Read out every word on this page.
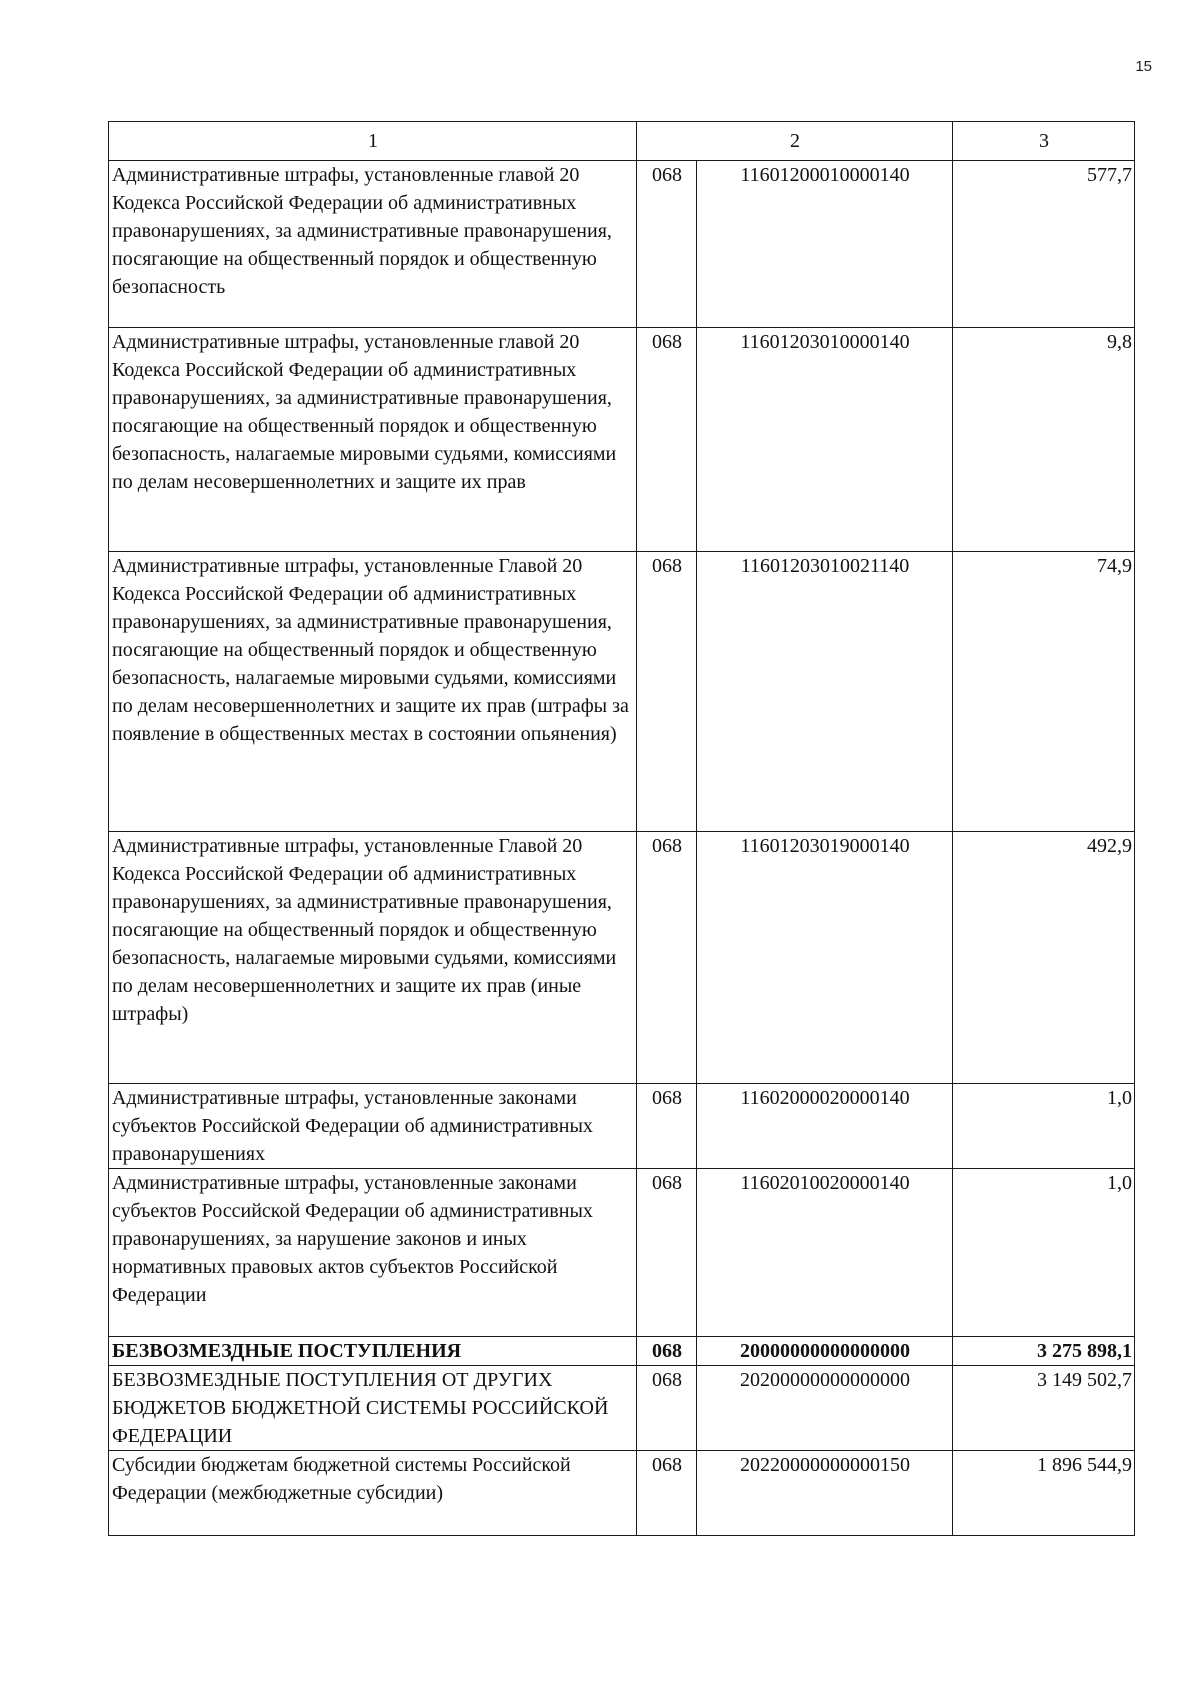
15
1	2		3
Административные штрафы, установленные главой 20 Кодекса Российской Федерации об административных правонарушениях, за административные правонарушения, посягающие на общественный порядок и общественную безопасность	068	11601200010000140	577,7
Административные штрафы, установленные главой 20 Кодекса Российской Федерации об административных правонарушениях, за административные правонарушения, посягающие на общественный порядок и общественную безопасность, налагаемые мировыми судьями, комиссиями по делам несовершеннолетних и защите их прав	068	11601203010000140	9,8
Административные штрафы, установленные Главой 20 Кодекса Российской Федерации об административных правонарушениях, за административные правонарушения, посягающие на общественный порядок и общественную безопасность, налагаемые мировыми судьями, комиссиями по делам несовершеннолетних и защите их прав (штрафы за появление в общественных местах в состоянии опьянения)	068	11601203010021140	74,9
Административные штрафы, установленные Главой 20 Кодекса Российской Федерации об административных правонарушениях, за административные правонарушения, посягающие на общественный порядок и общественную безопасность, налагаемые мировыми судьями, комиссиями по делам несовершеннолетних и защите их прав (иные штрафы)	068	11601203019000140	492,9
Административные штрафы, установленные законами субъектов Российской Федерации об административных правонарушениях	068	11602000020000140	1,0
Административные штрафы, установленные законами субъектов Российской Федерации об административных правонарушениях, за нарушение законов и иных нормативных правовых актов субъектов Российской Федерации	068	11602010020000140	1,0
БЕЗВОЗМЕЗДНЫЕ ПОСТУПЛЕНИЯ	068	20000000000000000	3 275 898,1
БЕЗВОЗМЕЗДНЫЕ ПОСТУПЛЕНИЯ ОТ ДРУГИХ БЮДЖЕТОВ БЮДЖЕТНОЙ СИСТЕМЫ РОССИЙСКОЙ ФЕДЕРАЦИИ	068	20200000000000000	3 149 502,7
Субсидии бюджетам бюджетной системы Российской Федерации (межбюджетные субсидии)	068	20220000000000150	1 896 544,9
